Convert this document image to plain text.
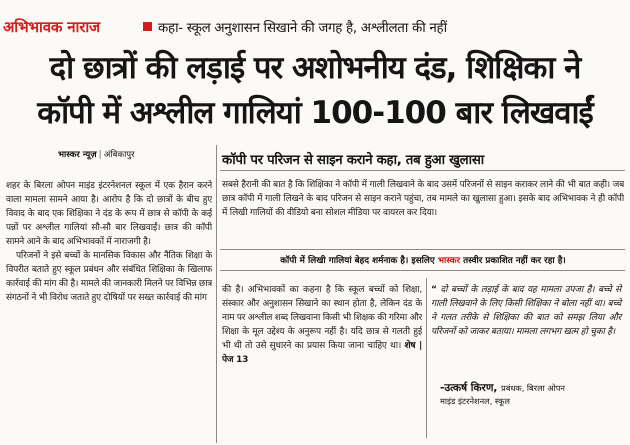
अभिभावक नाराज	कहा- स्कूल अनुशासन सिखाने की जगह है, अश्लीलता की नहीं
दो छात्रों की लड़ाई पर अशोभनीय दंड, शिक्षिका ने
कॉपी में अश्लील गालियां 100-100 बार लिखवाईं
भास्कर न्यूज़ | अंबिकापुर	कॉपी पर परिजन से साइन कराने कहा, तब हुआ खुलासा

शहर के बिरला ओपन माइंड इंटरनेशनल स्कूल में एक हैरान करने वाला मामला सामने आया है। आरोप है कि दो छात्रों के बीच हुए विवाद के बाद एक शिक्षिका ने दंड के रूप में छात्र से कॉपी के कई पन्नों पर अश्लील गालियां सौ-सौ बार लिखवाईं। छात्र की कॉपी सामने आने के बाद अभिभावकों में नाराजगी है।

परिजनों ने इसे बच्चों के मानसिक विकास और नैतिक शिक्षा के विपरीत बताते हुए स्कूल प्रबंधन और संबंधित शिक्षिका के खिलाफ कार्रवाई की मांग की है। मामले की जानकारी मिलने पर विभिन्न छात्र संगठनों ने भी विरोध जताते हुए दोषियों पर सख्त कार्रवाई की मांग

सबसे हैरानी की बात है कि शिक्षिका ने कॉपी में गाली लिखवाने के बाद उसमें परिजनों से साइन कराकर लाने की भी बात कही। जब छात्र कॉपी में गाली लिखने के बाद परिजन से साइन कराने पहुंचा, तब मामले का खुलासा हुआ। इसके बाद अभिभावक ने ही कॉपी में लिखी गालियों की वीडियो बना सोशल मीडिया पर वायरल कर दिया।

कॉपी में लिखी गालियां बेहद शर्मनाक है। इसलिए भास्कर तस्वीर प्रकाशित नहीं कर रहा है।

की है। अभिभावकों का कहना है कि स्कूल बच्चों को शिक्षा, संस्कार और अनुशासन सिखाने का स्थान होता है, लेकिन दंड के नाम पर अश्लील शब्द लिखवाना किसी भी शिक्षक की गरिमा और शिक्षा के मूल उद्देश्य के अनुरूप नहीं है। यदि छात्र से गलती हुई भी थी तो उसे सुधारने का प्रयास किया जाना चाहिए था। शेष | पेज 13

“ दो बच्चों के लड़ाई के बाद यह मामला उपजा है। बच्चे से गाली लिखवाने के लिए किसी शिक्षिका ने बोला नहीं था। बच्चे ने गलत तरीके से शिक्षिका की बात को समझ लिया और परिजनों को जाकर बताया। मामला लगभग खत्म हो चुका है।
-उत्कर्ष किरण, प्रबंधक, बिरला ओपन
माइंड इंटरनेशनल, स्कूल
